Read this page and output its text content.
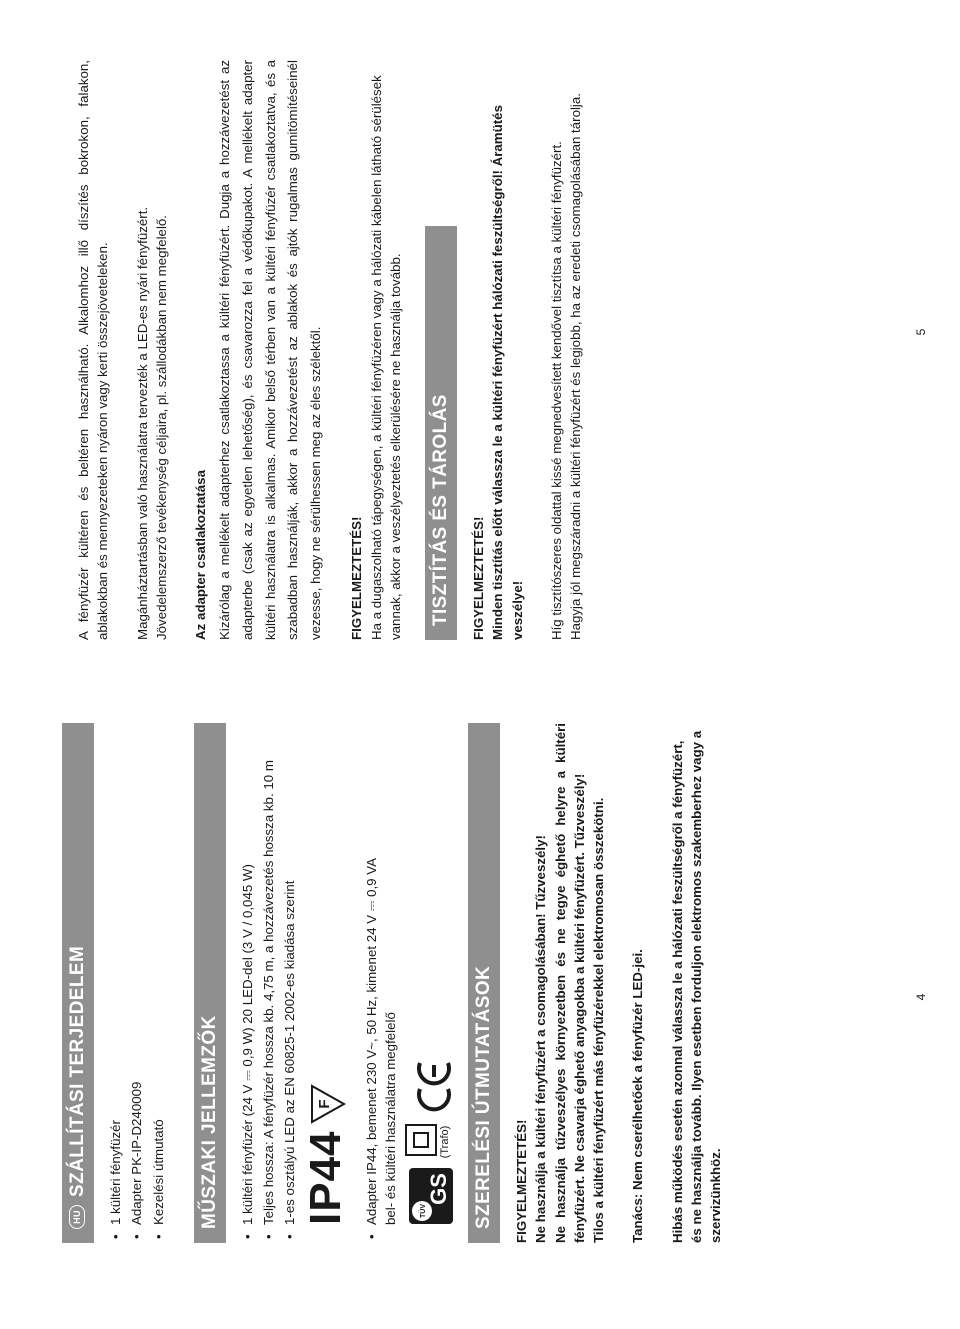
HUSZÁLLÍTÁSI TERJEDELEM	• 1 kültéri fényfüzér • Adapter PK-IP-D240009 • Kezelési útmutató MŰSZAKI JELLEMZŐK	• 1 kültéri fényfüzér (24 V ⎓ 0,9 W) 20 LED-del (3 V / 0,045 W) • Teljes hossza: A fényfüzér hossza kb. 4,75 m, a hozzávezetés hossza kb. 10 m • 1-es osztályú LED az EN 60825-1 2002-es kiadása szerint IP44
F • Adapter IP44, bemenet 230 V~, 50 Hz, kimenet 24 V ⎓ 0,9 VA bel- és kültéri használatra megfelelő	TÜV
GS
(Trafo) SZERELÉSI ÚTMUTATÁSOK	FIGYELMEZTETÉS! Ne használja a kültéri fényfüzért a csomagolásában! Tűzveszély! Ne használja tűzveszélyes környezetben és ne tegye éghető helyre a kültéri fényfüzért. Ne csavarja éghető anyagokba a kültéri fényfüzért. Tűzveszély! Tilos a kültéri fényfüzért más fényfüzérekkel elektromosan összekötni. Tanács: Nem cserélhetőek a fényfüzér LED-jei. Hibás működés esetén azonnal válassza le a hálózati feszültségről a fényfüzért, és ne használja tovább. Ilyen esetben forduljon elektromos szakemberhez vagy a szervizünkhöz.

4

A fényfüzér kültéren és beltéren használható. Alkalomhoz illő díszítés bokrokon, falakon, ablakokban és mennyezeteken nyáron vagy kerti összejöveteleken. Magánháztartásban való használatra tervezték a LED-es nyári fényfüzért. Jövedelemszerző tevékenység céljaira, pl. szállodákban nem megfelelő. Az adapter csatlakoztatása Kizárólag a mellékelt adapterhez csatlakoztassa a kültéri fényfüzért. Dugja a hozzávezetést az adapterbe (csak az egyetlen lehetőség), és csavarozza fel a védőkupakot. A mellékelt adapter kültéri használatra is alkalmas. Amikor belső térben van a kültéri fényfüzér csatlakoztatva, és a szabadban használják, akkor a hozzávezetést az ablakok és ajtók rugalmas gumitömítéseinél vezesse, hogy ne sérülhessen meg az éles szélektől.	FIGYELMEZTETÉS! Ha a dugaszolható tápegységen, a kültéri fényfüzéren vagy a hálózati kábelen látható sérülések vannak, akkor a veszélyeztetés elkerülésére ne használja tovább. TISZTÍTÁS ÉS TÁROLÁS	FIGYELMEZTETÉS! Minden tisztítás előtt válassza le a kültéri fényfüzért hálózati feszültségről! Áramütés veszélye! Híg tisztítószeres oldattal kissé megnedvesített kendővel tisztítsa a kültéri fényfüzért. Hagyja jól megszáradni a kültéri fényfüzért és legjobb, ha az eredeti csomagolásában tárolja.	5
